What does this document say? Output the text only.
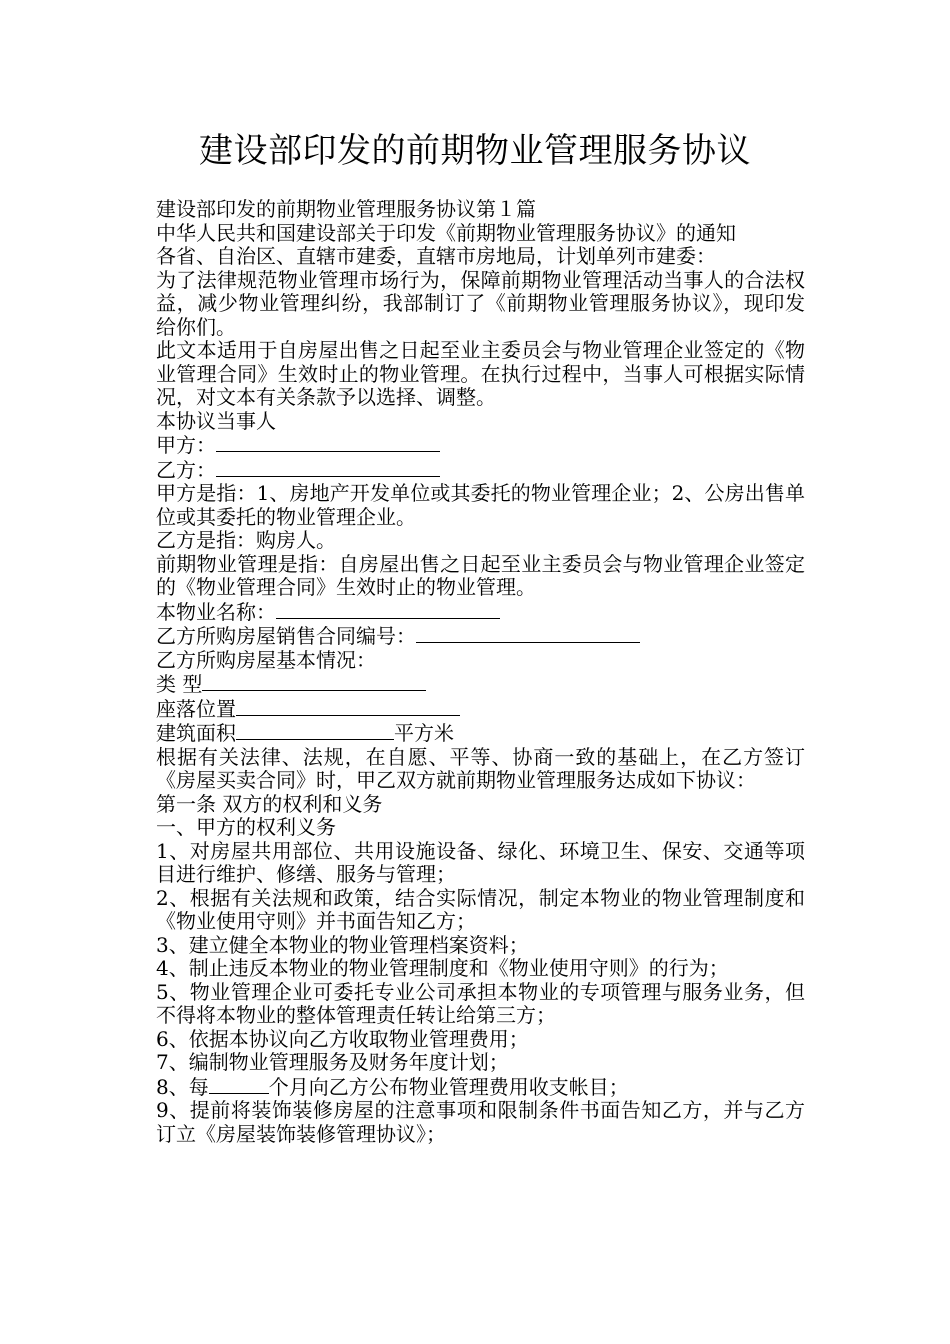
建设部印发的前期物业管理服务协议

建设部印发的前期物业管理服务协议第１篇

中华人民共和国建设部关于印发《前期物业管理服务协议》的通知

各省、自治区、直辖市建委，直辖市房地局，计划单列市建委：

为了法律规范物业管理市场行为，保障前期物业管理活动当事人的合法权益，减少物业管理纠纷，我部制订了《前期物业管理服务协议》，现印发给你们。

此文本适用于自房屋出售之日起至业主委员会与物业管理企业签定的《物业管理合同》生效时止的物业管理。在执行过程中，当事人可根据实际情况，对文本有关条款予以选择、调整。

本协议当事人

甲方：

乙方：

甲方是指：1、房地产开发单位或其委托的物业管理企业；2、公房出售单位或其委托的物业管理企业。

乙方是指：购房人。

前期物业管理是指：自房屋出售之日起至业主委员会与物业管理企业签定的《物业管理合同》生效时止的物业管理。

本物业名称：

乙方所购房屋销售合同编号：

乙方所购房屋基本情况：

类 型

座落位置

建筑面积	平方米

根据有关法律、法规，在自愿、平等、协商一致的基础上，在乙方签订《房屋买卖合同》时，甲乙双方就前期物业管理服务达成如下协议：

第一条 双方的权利和义务

一、甲方的权利义务

1、对房屋共用部位、共用设施设备、绿化、环境卫生、保安、交通等项目进行维护、修缮、服务与管理；

2、根据有关法规和政策，结合实际情况，制定本物业的物业管理制度和《物业使用守则》并书面告知乙方；

3、建立健全本物业的物业管理档案资料；

4、制止违反本物业的物业管理制度和《物业使用守则》的行为；

5、物业管理企业可委托专业公司承担本物业的专项管理与服务业务，但不得将本物业的整体管理责任转让给第三方；

6、依据本协议向乙方收取物业管理费用；

7、编制物业管理服务及财务年度计划；

8、每	个月向乙方公布物业管理费用收支帐目；

9、提前将装饰装修房屋的注意事项和限制条件书面告知乙方，并与乙方订立《房屋装饰装修管理协议》；
